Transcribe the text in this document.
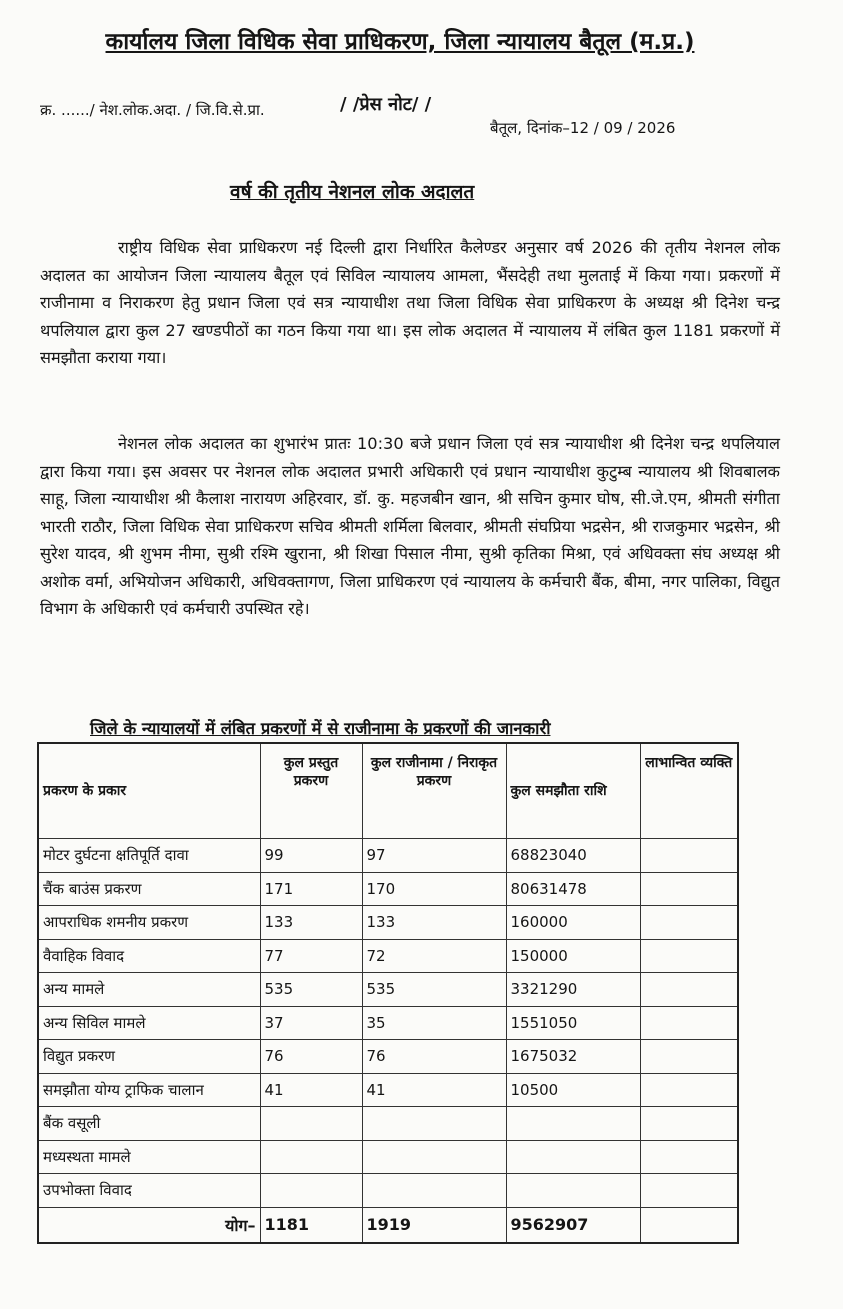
कार्यालय जिला विधिक सेवा प्राधिकरण, जिला न्यायालय बैतूल (म.प्र.)
क्र. ....../ नेश.लोक.अदा. / जि.वि.से.प्रा.	/ /प्रेस नोट/ /
बैतूल, दिनांक–12 / 09 / 2026
वर्ष की तृतीय नेशनल लोक अदालत

राष्ट्रीय विधिक सेवा प्राधिकरण नई दिल्ली द्वारा निर्धारित कैलेण्डर अनुसार वर्ष 2026 की तृतीय नेशनल लोक अदालत का आयोजन जिला न्यायालय बैतूल एवं सिविल न्यायालय आमला, भैंसदेही तथा मुलताई में किया गया। प्रकरणों में राजीनामा व निराकरण हेतु प्रधान जिला एवं सत्र न्यायाधीश तथा जिला विधिक सेवा प्राधिकरण के अध्यक्ष श्री दिनेश चन्द्र थपलियाल द्वारा कुल 27 खण्डपीठों का गठन किया गया था। इस लोक अदालत में न्यायालय में लंबित कुल 1181 प्रकरणों में समझौता कराया गया।

नेशनल लोक अदालत का शुभारंभ प्रातः 10:30 बजे प्रधान जिला एवं सत्र न्यायाधीश श्री दिनेश चन्द्र थपलियाल द्वारा किया गया। इस अवसर पर नेशनल लोक अदालत प्रभारी अधिकारी एवं प्रधान न्यायाधीश कुटुम्ब न्यायालय श्री शिवबालक साहू, जिला न्यायाधीश श्री कैलाश नारायण अहिरवार, डॉ. कु. महजबीन खान, श्री सचिन कुमार घोष, सी.जे.एम, श्रीमती संगीता भारती राठौर, जिला विधिक सेवा प्राधिकरण सचिव श्रीमती शर्मिला बिलवार, श्रीमती संघप्रिया भद्रसेन, श्री राजकुमार भद्रसेन, श्री सुरेश यादव, श्री शुभम नीमा, सुश्री रश्मि खुराना, श्री शिखा पिसाल नीमा, सुश्री कृतिका मिश्रा, एवं अधिवक्ता संघ अध्यक्ष श्री अशोक वर्मा, अभियोजन अधिकारी, अधिवक्तागण, जिला प्राधिकरण एवं न्यायालय के कर्मचारी बैंक, बीमा, नगर पालिका, विद्युत विभाग के अधिकारी एवं कर्मचारी उपस्थित रहे।

जिले के न्यायालयों में लंबित प्रकरणों में से राजीनामा के प्रकरणों की जानकारी
प्रकरण के प्रकार	कुल प्रस्तुत प्रकरण	कुल राजीनामा / निराकृत प्रकरण	कुल समझौता राशि	लाभान्वित व्यक्ति
मोटर दुर्घटना क्षतिपूर्ति दावा	99	97	68823040	
चैंक बाउंस प्रकरण	171	170	80631478	
आपराधिक शमनीय प्रकरण	133	133	160000	
वैवाहिक विवाद	77	72	150000	
अन्य मामले	535	535	3321290	
अन्य सिविल मामले	37	35	1551050	
विद्युत प्रकरण	76	76	1675032	
समझौता योग्य ट्राफिक चालान	41	41	10500	
बैंक वसूली				
मध्यस्थता मामले				
उपभोक्ता विवाद				
योग–	1181	1919	9562907	
